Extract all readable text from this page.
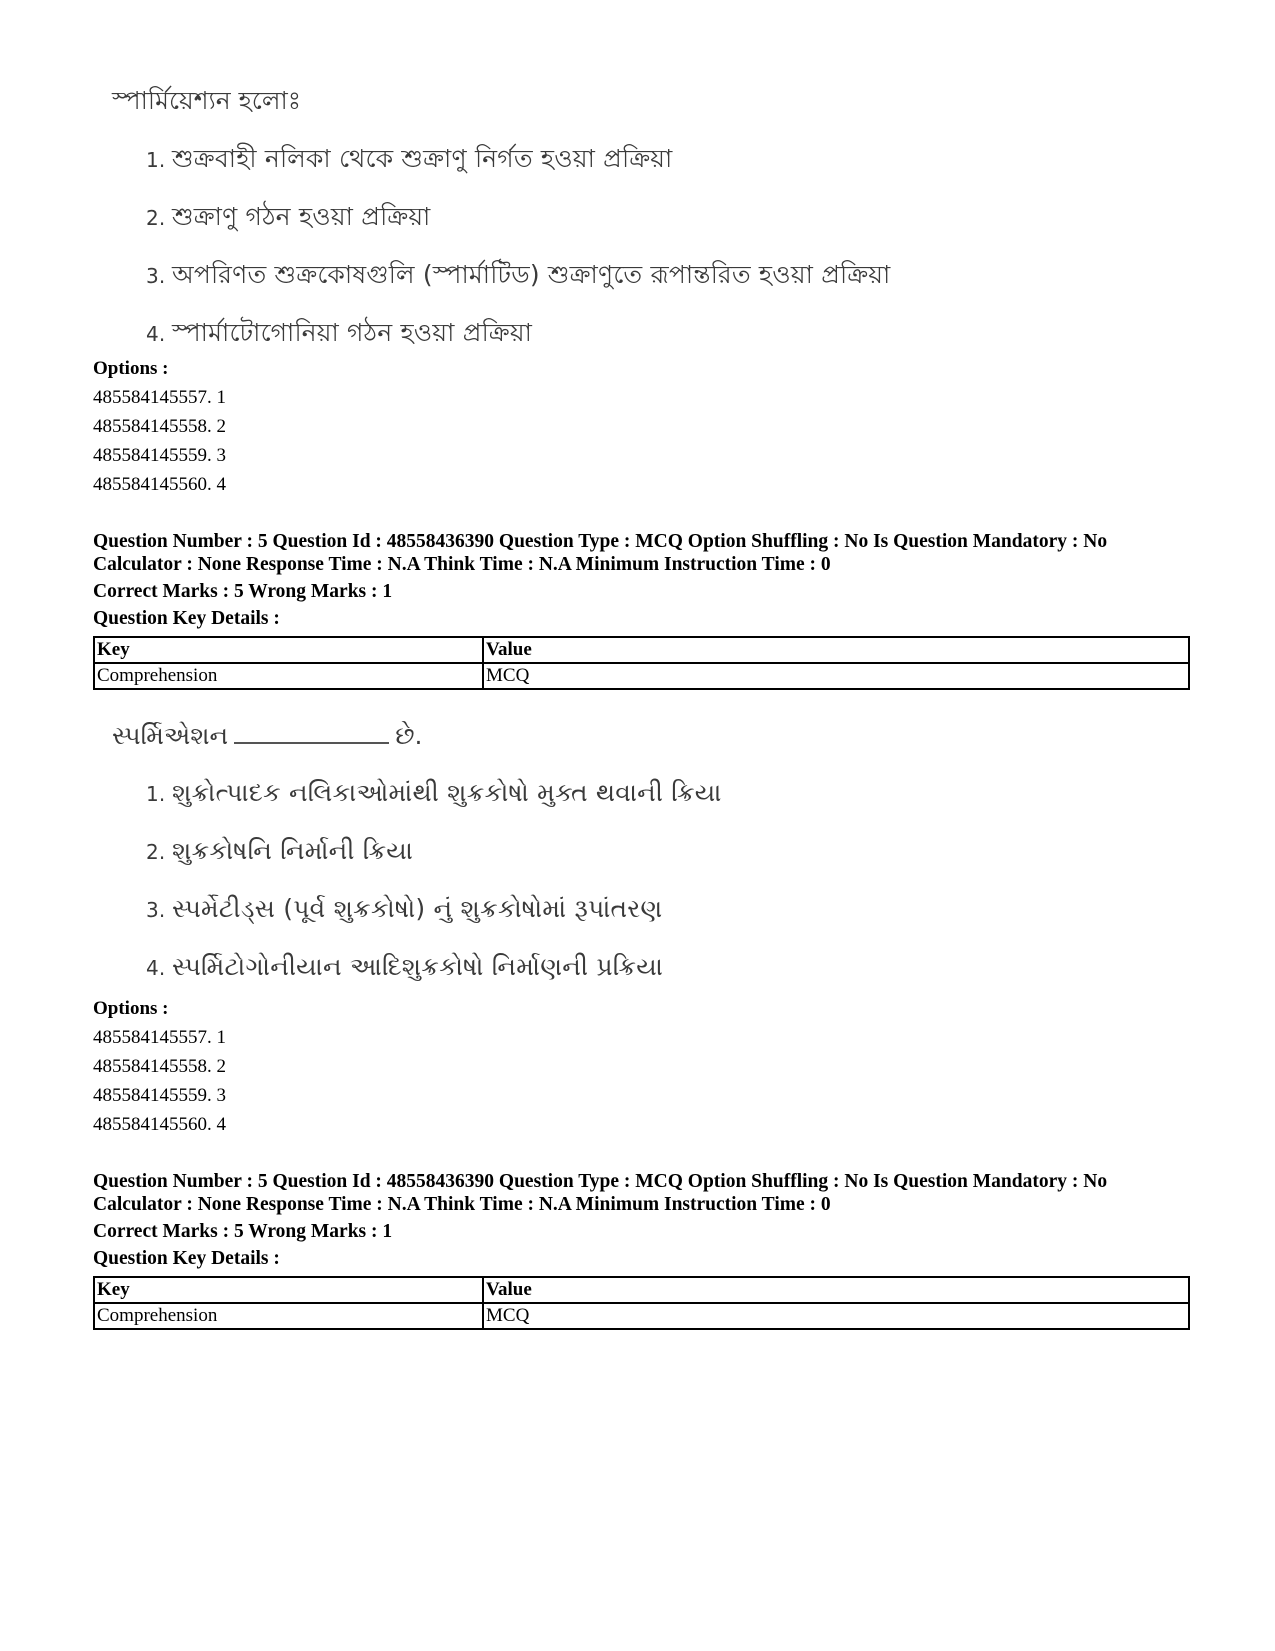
স্পার্মিয়েশ্যন হলোঃ
1. শুক্রবাহী নলিকা থেকে শুক্রাণু নির্গত হওয়া প্রক্রিয়া
2. শুক্রাণু গঠন হওয়া প্রক্রিয়া
3. অপরিণত শুক্রকোষগুলি (স্পার্মাটিড) শুক্রাণুতে রূপান্তরিত হওয়া প্রক্রিয়া
4. স্পার্মাটোগোনিয়া গঠন হওয়া প্রক্রিয়া
Options :
485584145557. 1
485584145558. 2
485584145559. 3
485584145560. 4
Question Number : 5 Question Id : 48558436390 Question Type : MCQ Option Shuffling : No Is Question Mandatory : No
Calculator : None Response Time : N.A Think Time : N.A Minimum Instruction Time : 0
Correct Marks : 5 Wrong Marks : 1
Question Key Details :
Key	Value
Comprehension	MCQ
સ્પર્મિએશન	છે.
1. શુક્રોત્પાદક નલિકાઓમાંથી શુક્રકોષો મુક્ત થવાની ક્રિયા
2. શુક્રકોષનિ નિર્માની ક્રિયા
3. સ્પર્મેટીડ્સ (પૂર્વ શુક્રકોષો) નું શુક્રકોષોમાં રૂપાંતરણ
4. સ્પર્મિટોગોનીયાન આદિશુક્રકોષો નિર્માણની પ્રક્રિયા
Options :
485584145557. 1
485584145558. 2
485584145559. 3
485584145560. 4
Question Number : 5 Question Id : 48558436390 Question Type : MCQ Option Shuffling : No Is Question Mandatory : No
Calculator : None Response Time : N.A Think Time : N.A Minimum Instruction Time : 0
Correct Marks : 5 Wrong Marks : 1
Question Key Details :
Key	Value
Comprehension	MCQ
